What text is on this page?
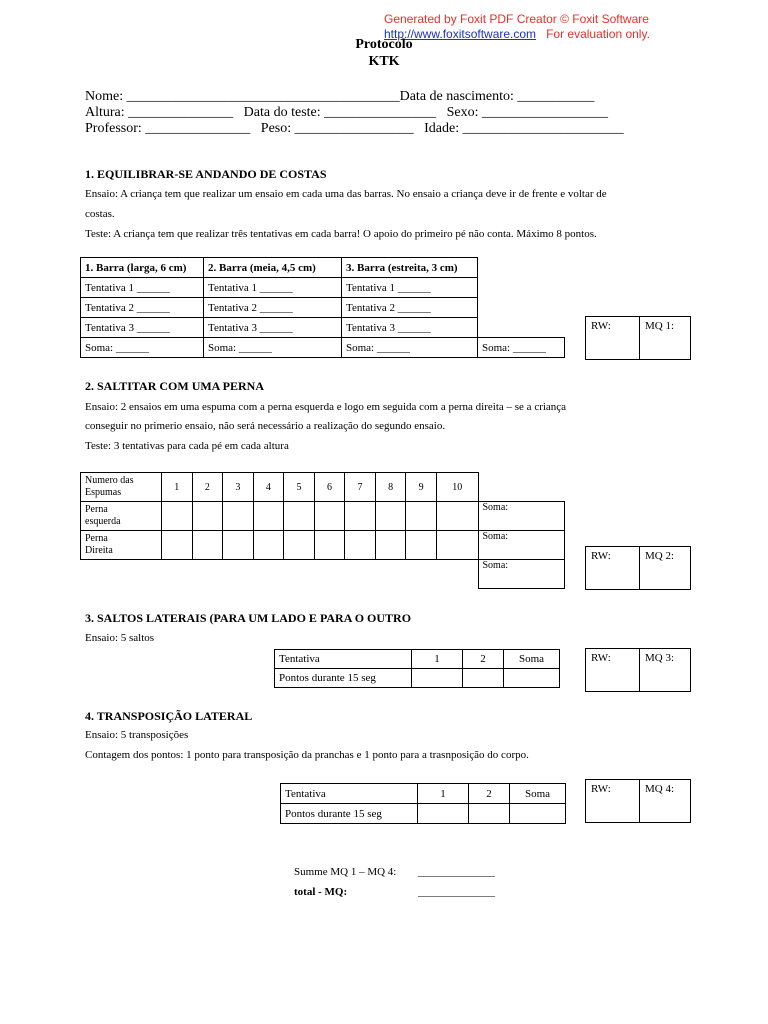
Generated by Foxit PDF Creator © Foxit Software
http://www.foxitsoftware.com For evaluation only.
Protocolo
KTK
Nome: _______________________________________Data de nascimento: ___________
Altura: _______________ Data do teste: ________________ Sexo: __________________
Professor: _______________ Peso: _________________ Idade: _______________________
1. EQUILIBRAR-SE ANDANDO DE COSTAS
Ensaio: A criança tem que realizar um ensaio em cada uma das barras. No ensaio a criança deve ir de frente e voltar de
costas.
Teste: A criança tem que realizar três tentativas em cada barra! O apoio do primeiro pé não conta. Máximo 8 pontos.
1. Barra (larga, 6 cm)	2. Barra (meia, 4,5 cm)	3. Barra (estreita, 3 cm)	
Tentativa 1 ______	Tentativa 1 ______	Tentativa 1 ______	
Tentativa 2 ______	Tentativa 2 ______	Tentativa 2 ______	
Tentativa 3 ______	Tentativa 3 ______	Tentativa 3 ______	
Soma: ______	Soma: ______	Soma: ______	Soma: ______
RW:	MQ 1:
2. SALTITAR COM UMA PERNA
Ensaio: 2 ensaios em uma espuma com a perna esquerda e logo em seguida com a perna direita – se a criança
conseguir no primerio ensaio, não será necessário a realização do segundo ensaio.
Teste: 3 tentativas para cada pé em cada altura
Numero das
Espumas	1	2	3	4	5	6	7	8	9	10	
Perna
esquerda											Soma:
Perna
Direita											Soma:
											Soma:
RW:	MQ 2:
3. SALTOS LATERAIS (PARA UM LADO E PARA O OUTRO
Ensaio: 5 saltos
Tentativa	1	2	Soma
Pontos durante 15 seg			
RW:	MQ 3:
4. TRANSPOSIÇÃO LATERAL
Ensaio: 5 transposições
Contagem dos pontos: 1 ponto para transposição da pranchas e 1 ponto para a trasnposição do corpo.
Tentativa	1	2	Soma
Pontos durante 15 seg			
RW:	MQ 4:
Summe MQ 1 – MQ 4: ______________
total - MQ:	______________
